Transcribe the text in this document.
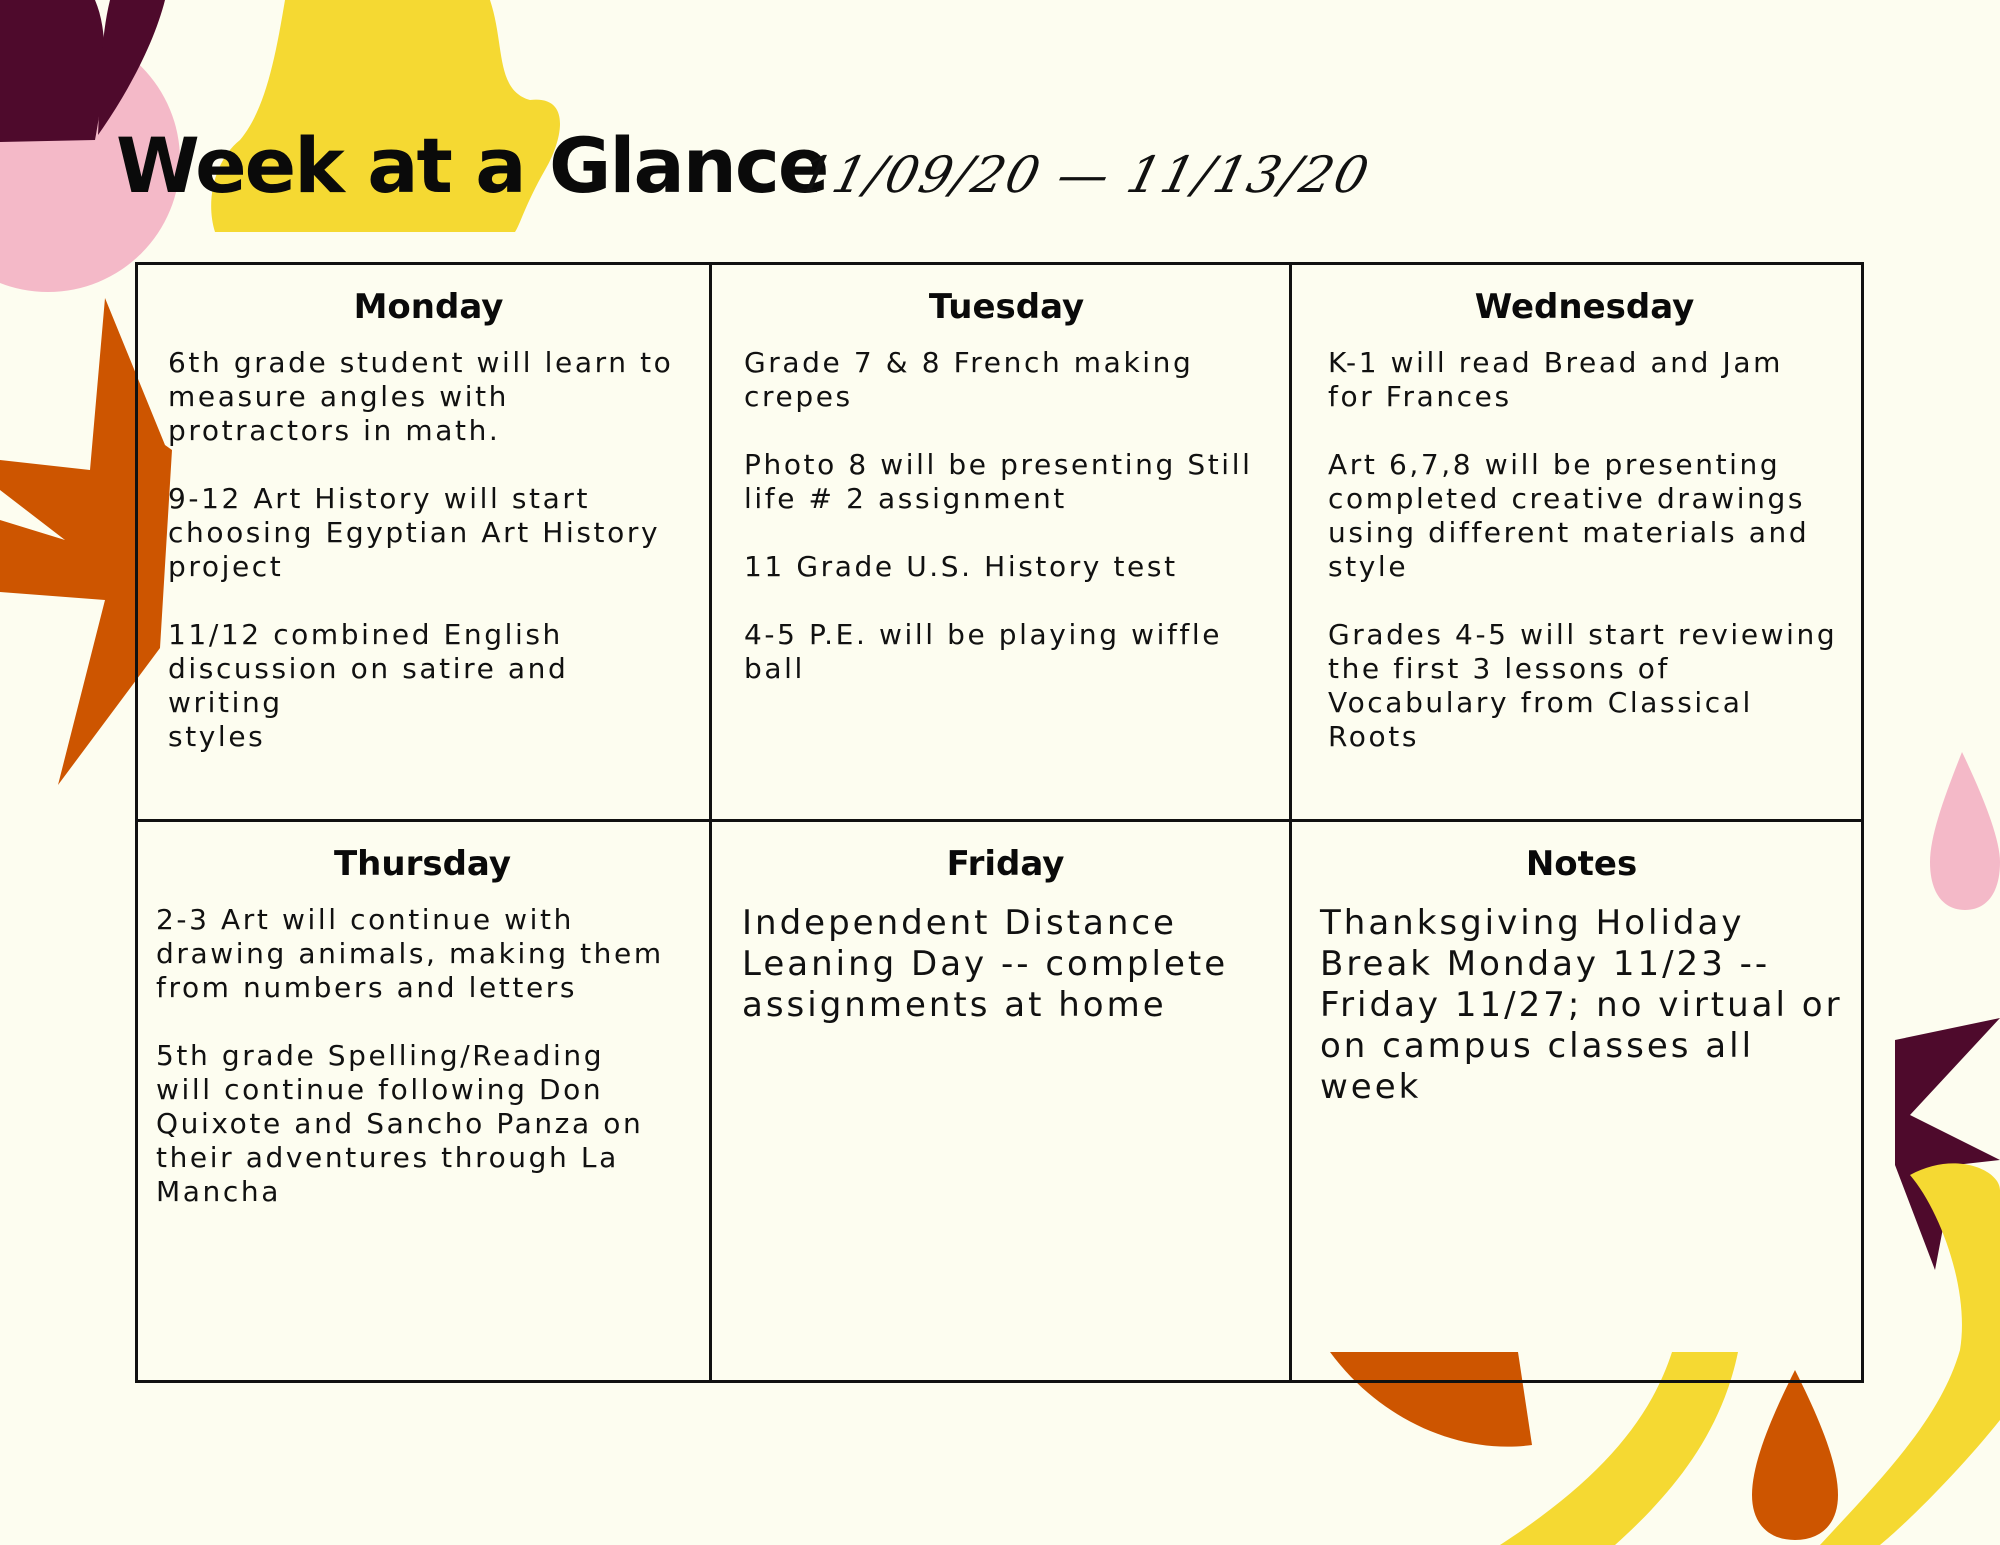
Week at a Glance
11/09/20 — 11/13/20
Monday
6th grade student will learn to
measure angles with
protractors in math.
9-12 Art History will start
choosing Egyptian Art History
project
11/12 combined English
discussion on satire and writing
styles
Tuesday
Grade 7 & 8 French making
crepes
Photo 8 will be presenting Still
life # 2 assignment
11 Grade U.S. History test
4-5 P.E. will be playing wiffle
ball
Wednesday
K-1 will read Bread and Jam
for Frances
Art 6,7,8 will be presenting
completed creative drawings
using different materials and
style
Grades 4-5 will start reviewing
the first 3 lessons of
Vocabulary from Classical
Roots
Thursday
2-3 Art will continue with
drawing animals, making them
from numbers and letters
5th grade Spelling/Reading
will continue following Don
Quixote and Sancho Panza on
their adventures through La
Mancha
Friday
Independent Distance
Leaning Day -- complete
assignments at home
Notes
Thanksgiving Holiday
Break Monday 11/23 --
Friday 11/27; no virtual or
on campus classes all week
